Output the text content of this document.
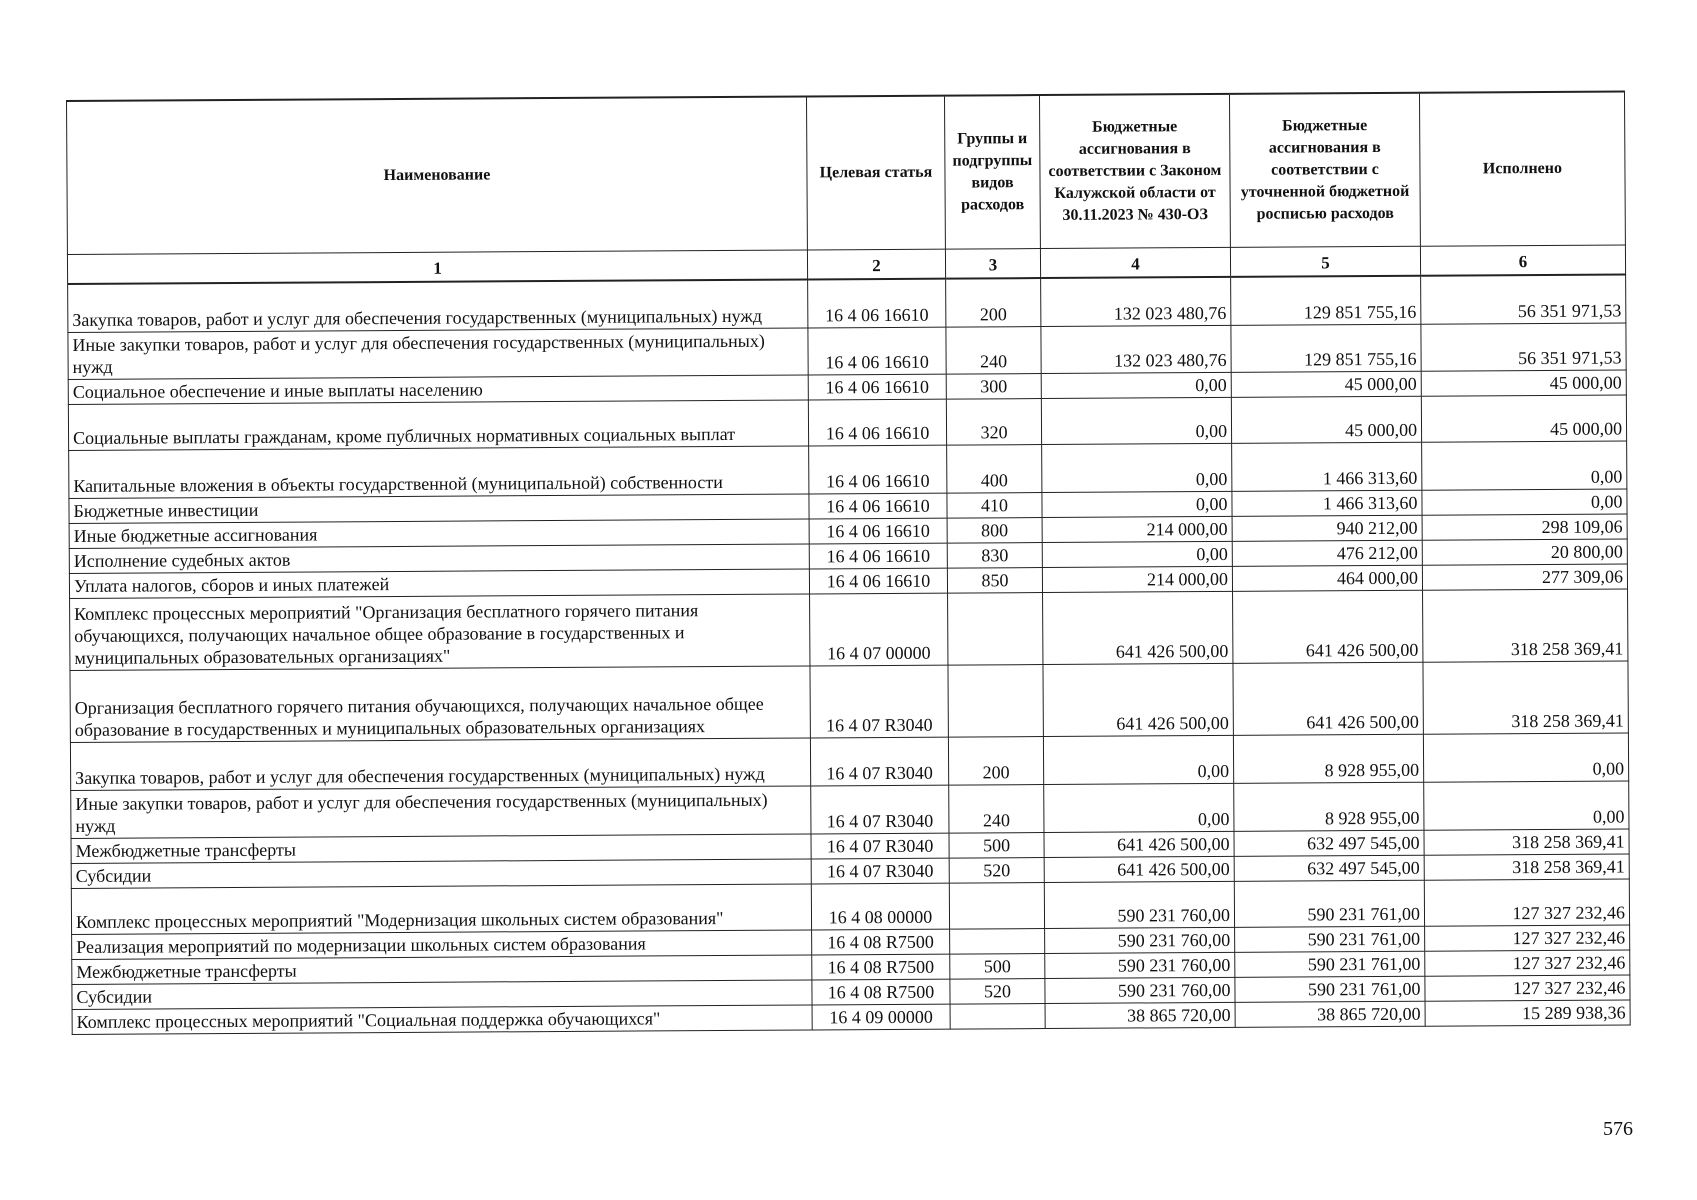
Наименование	Целевая статья	Группы и подгруппы видов расходов	Бюджетные ассигнования в соответствии с Законом Калужской области от 30.11.2023 № 430-ОЗ	Бюджетные ассигнования в соответствии с уточненной бюджетной росписью расходов	Исполнено
1	2	3	4	5	6
Закупка товаров, работ и услуг для обеспечения государственных (муниципальных) нужд	16 4 06 16610	200	132 023 480,76	129 851 755,16	56 351 971,53
Иные закупки товаров, работ и услуг для обеспечения государственных (муниципальных) нужд	16 4 06 16610	240	132 023 480,76	129 851 755,16	56 351 971,53
Социальное обеспечение и иные выплаты населению	16 4 06 16610	300	0,00	45 000,00	45 000,00
Социальные выплаты гражданам, кроме публичных нормативных социальных выплат	16 4 06 16610	320	0,00	45 000,00	45 000,00
Капитальные вложения в объекты государственной (муниципальной) собственности	16 4 06 16610	400	0,00	1 466 313,60	0,00
Бюджетные инвестиции	16 4 06 16610	410	0,00	1 466 313,60	0,00
Иные бюджетные ассигнования	16 4 06 16610	800	214 000,00	940 212,00	298 109,06
Исполнение судебных актов	16 4 06 16610	830	0,00	476 212,00	20 800,00
Уплата налогов, сборов и иных платежей	16 4 06 16610	850	214 000,00	464 000,00	277 309,06
Комплекс процессных мероприятий "Организация бесплатного горячего питания обучающихся, получающих начальное общее образование в государственных и муниципальных образовательных организациях"	16 4 07 00000		641 426 500,00	641 426 500,00	318 258 369,41
Организация бесплатного горячего питания обучающихся, получающих начальное общее образование в государственных и муниципальных образовательных организациях	16 4 07 R3040		641 426 500,00	641 426 500,00	318 258 369,41
Закупка товаров, работ и услуг для обеспечения государственных (муниципальных) нужд	16 4 07 R3040	200	0,00	8 928 955,00	0,00
Иные закупки товаров, работ и услуг для обеспечения государственных (муниципальных) нужд	16 4 07 R3040	240	0,00	8 928 955,00	0,00
Межбюджетные трансферты	16 4 07 R3040	500	641 426 500,00	632 497 545,00	318 258 369,41
Субсидии	16 4 07 R3040	520	641 426 500,00	632 497 545,00	318 258 369,41
Комплекс процессных мероприятий "Модернизация школьных систем образования"	16 4 08 00000		590 231 760,00	590 231 761,00	127 327 232,46
Реализация мероприятий по модернизации школьных систем образования	16 4 08 R7500		590 231 760,00	590 231 761,00	127 327 232,46
Межбюджетные трансферты	16 4 08 R7500	500	590 231 760,00	590 231 761,00	127 327 232,46
Субсидии	16 4 08 R7500	520	590 231 760,00	590 231 761,00	127 327 232,46
Комплекс процессных мероприятий "Социальная поддержка обучающихся"	16 4 09 00000		38 865 720,00	38 865 720,00	15 289 938,36
576
